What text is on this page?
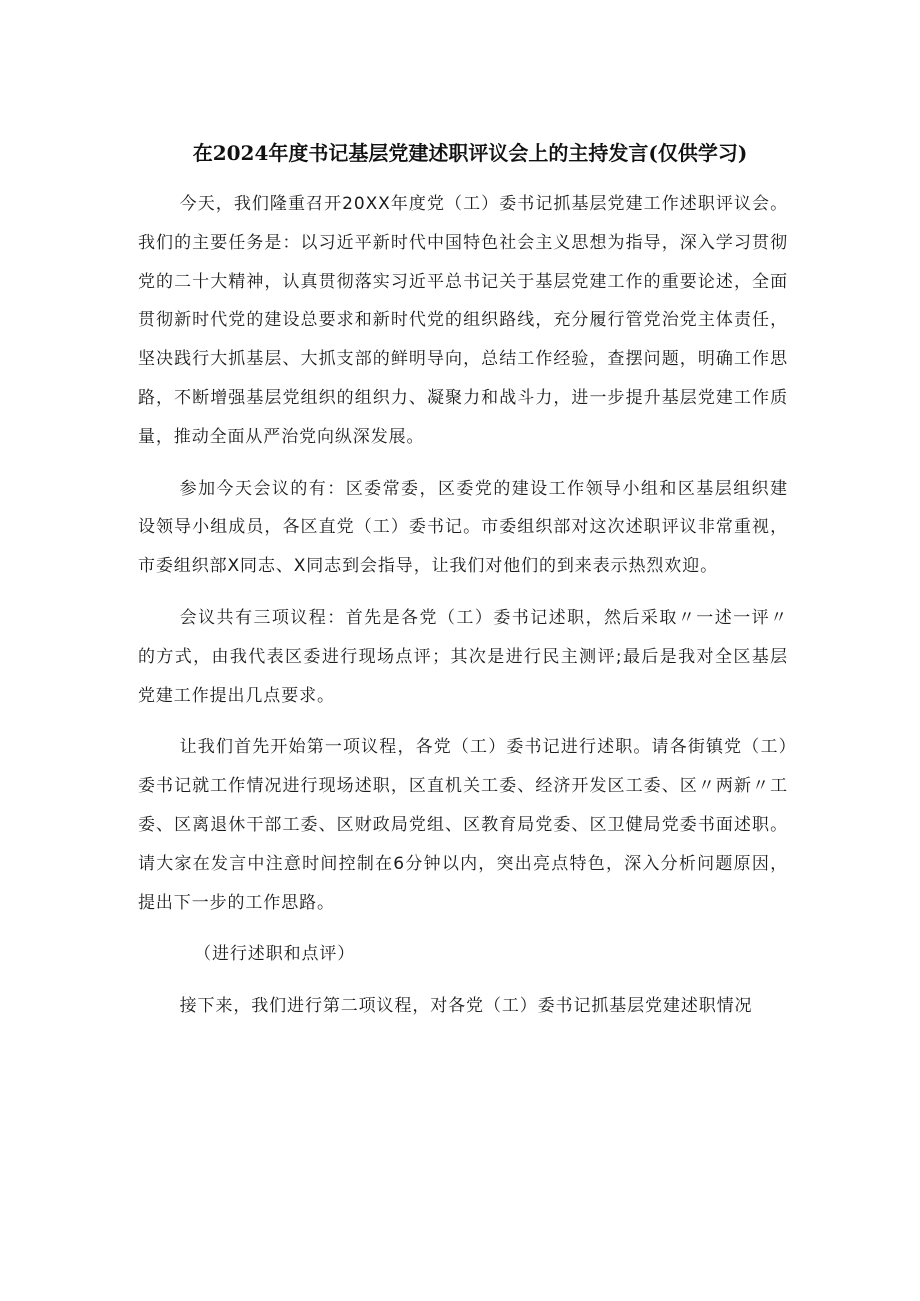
在2024年度书记基层党建述职评议会上的主持发言(仅供学习)

今天，我们隆重召开20XX年度党（工）委书记抓基层党建工作述职评议会。我们的主要任务是：以习近平新时代中国特色社会主义思想为指导，深入学习贯彻党的二十大精神，认真贯彻落实习近平总书记关于基层党建工作的重要论述，全面贯彻新时代党的建设总要求和新时代党的组织路线，充分履行管党治党主体责任，坚决践行大抓基层、大抓支部的鲜明导向，总结工作经验，查摆问题，明确工作思路，不断增强基层党组织的组织力、凝聚力和战斗力，进一步提升基层党建工作质量，推动全面从严治党向纵深发展。

参加今天会议的有：区委常委，区委党的建设工作领导小组和区基层组织建设领导小组成员，各区直党（工）委书记。市委组织部对这次述职评议非常重视，市委组织部X同志、X同志到会指导，让我们对他们的到来表示热烈欢迎。

会议共有三项议程：首先是各党（工）委书记述职，然后采取〃一述一评〃的方式，由我代表区委进行现场点评；其次是进行民主测评;最后是我对全区基层党建工作提出几点要求。

让我们首先开始第一项议程，各党（工）委书记进行述职。请各街镇党（工）委书记就工作情况进行现场述职，区直机关工委、经济开发区工委、区〃两新〃工委、区离退休干部工委、区财政局党组、区教育局党委、区卫健局党委书面述职。请大家在发言中注意时间控制在6分钟以内，突出亮点特色，深入分析问题原因，提出下一步的工作思路。

（进行述职和点评）

接下来，我们进行第二项议程，对各党（工）委书记抓基层党建述职情况
